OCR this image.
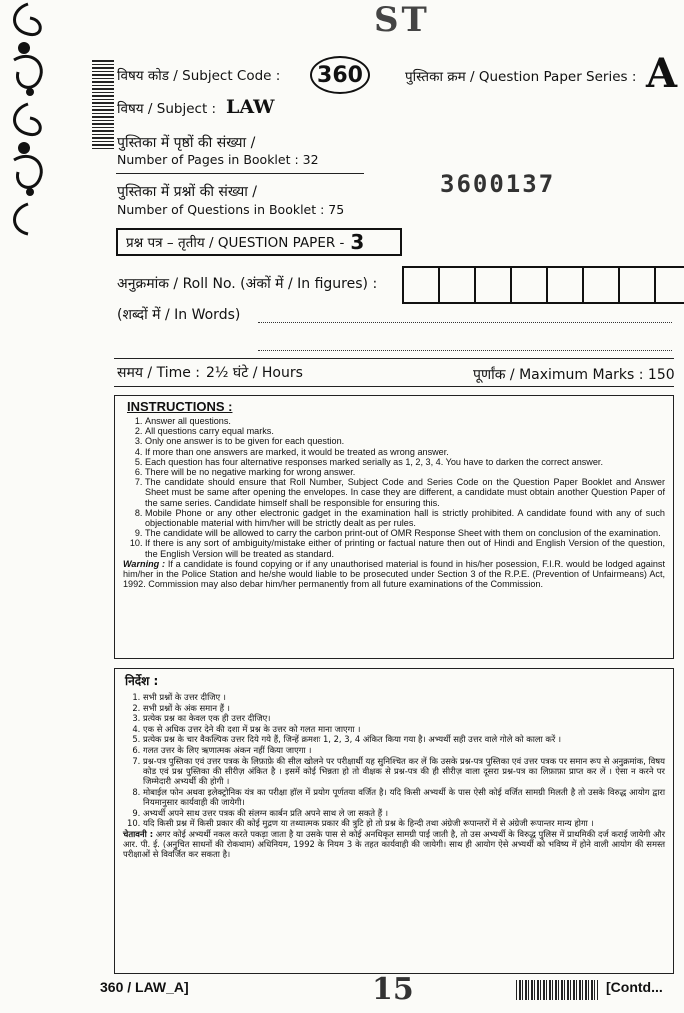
ST
विषय कोड / Subject Code :	360	पुस्तिका क्रम / Question Paper Series : A
विषय / Subject : LAW
पुस्तिका में पृष्ठों की संख्या /
Number of Pages in Booklet : 32
3600137
पुस्तिका में प्रश्नों की संख्या /
Number of Questions in Booklet : 75
प्रश्न पत्र – तृतीय / QUESTION PAPER - 3
अनुक्रमांक / Roll No. (अंकों में / In figures) :
(शब्दों में / In Words)
समय / Time : 2½ घंटे / Hours	पूर्णांक / Maximum Marks : 150
INSTRUCTIONS :
1. Answer all questions.
2. All questions carry equal marks.
3. Only one answer is to be given for each question.
4. If more than one answers are marked, it would be treated as wrong answer.
5. Each question has four alternative responses marked serially as 1, 2, 3, 4. You have to darken the correct answer.
6. There will be no negative marking for wrong answer.
7. The candidate should ensure that Roll Number, Subject Code and Series Code on the Question Paper Booklet and Answer Sheet must be same after opening the envelopes. In case they are different, a candidate must obtain another Question Paper of the same series. Candidate himself shall be responsible for ensuring this.
8. Mobile Phone or any other electronic gadget in the examination hall is strictly prohibited. A candidate found with any of such objectionable material with him/her will be strictly dealt as per rules.
9. The candidate will be allowed to carry the carbon print-out of OMR Response Sheet with them on conclusion of the examination.
10. If there is any sort of ambiguity/mistake either of printing or factual nature then out of Hindi and English Version of the question, the English Version will be treated as standard.

Warning : If a candidate is found copying or if any unauthorised material is found in his/her posession, F.I.R. would be lodged against him/her in the Police Station and he/she would liable to be prosecuted under Section 3 of the R.P.E. (Prevention of Unfairmeans) Act, 1992. Commission may also debar him/her permanently from all future examinations of the Commission.

निर्देश :
1. सभी प्रश्नों के उत्तर दीजिए ।
2. सभी प्रश्नों के अंक समान हैं ।
3. प्रत्येक प्रश्न का केवल एक ही उत्तर दीजिए।
4. एक से अधिक उत्तर देने की दशा में प्रश्न के उत्तर को गलत माना जाएगा ।
5. प्रत्येक प्रश्न के चार वैकल्पिक उत्तर दिये गये हैं, जिन्हें क्रमशः 1, 2, 3, 4 अंकित किया गया है। अभ्यर्थी सही उत्तर वाले गोले को काला करें ।
6. गलत उत्तर के लिए ऋणात्मक अंकन नहीं किया जाएगा ।
7. प्रश्न-पत्र पुस्तिका एवं उत्तर पत्रक के लिफ़ाफ़े की सील खोलने पर परीक्षार्थी यह सुनिश्चित कर लें कि उसके प्रश्न-पत्र पुस्तिका एवं उत्तर पत्रक पर समान रूप से अनुक्रमांक, विषय कोड एवं प्रश्न पुस्तिका की सीरीज़ अंकित है । इसमें कोई भिन्नता हो तो वीक्षक से प्रश्न-पत्र की ही सीरीज़ वाला दूसरा प्रश्न-पत्र का लिफ़ाफ़ा प्राप्त कर लें । ऐसा न करने पर जिम्मेदारी अभ्यर्थी की होगी ।
8. मोबाईल फोन अथवा इलेक्ट्रोनिक यंत्र का परीक्षा हॉल में प्रयोग पूर्णतया वर्जित है। यदि किसी अभ्यर्थी के पास ऐसी कोई वर्जित सामग्री मिलती है तो उसके विरुद्ध आयोग द्वारा नियमानुसार कार्यवाही की जायेगी।
9. अभ्यर्थी अपने साथ उत्तर पत्रक की संलग्न कार्बन प्रति अपने साथ ले जा सकते हैं ।
10. यदि किसी प्रश्न में किसी प्रकार की कोई मुद्रण या तथ्यात्मक प्रकार की त्रुटि हो तो प्रश्न के हिन्दी तथा अंग्रेजी रूपान्तरों में से अंग्रेजी रूपान्तर मान्य होगा ।

चेतावनी : अगर कोई अभ्यर्थी नकल करते पकड़ा जाता है या उसके पास से कोई अनधिकृत सामग्री पाई जाती है, तो उस अभ्यर्थी के विरुद्ध पुलिस में प्राथमिकी दर्ज कराई जायेगी और आर. पी. ई. (अनुचित साधनों की रोकथाम) अधिनियम, 1992 के नियम 3 के तहत कार्यवाही की जायेगी। साथ ही आयोग ऐसे अभ्यर्थी को भविष्य में होने वाली आयोग की समस्त परीक्षाओं से विवर्जित कर सकता है।

360 / LAW_A]	15	[Contd...
